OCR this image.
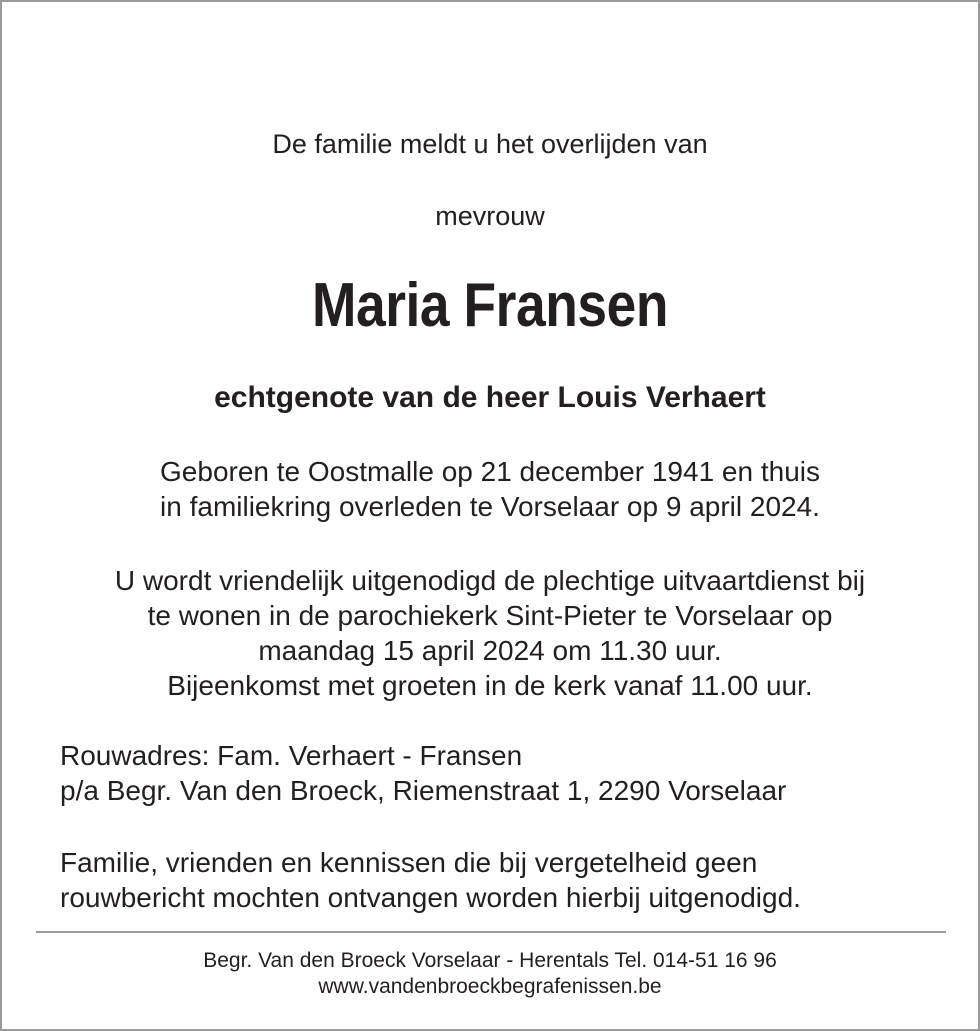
De familie meldt u het overlijden van
mevrouw
Maria Fransen
echtgenote van de heer Louis Verhaert
Geboren te Oostmalle op 21 december 1941 en thuis
in familiekring overleden te Vorselaar op 9 april 2024.
U wordt vriendelijk uitgenodigd de plechtige uitvaartdienst bij
te wonen in de parochiekerk Sint-Pieter te Vorselaar op
maandag 15 april 2024 om 11.30 uur.
Bijeenkomst met groeten in de kerk vanaf 11.00 uur.
Rouwadres: Fam. Verhaert - Fransen
p/a Begr. Van den Broeck, Riemenstraat 1, 2290 Vorselaar
Familie, vrienden en kennissen die bij vergetelheid geen
rouwbericht mochten ontvangen worden hierbij uitgenodigd.
Begr. Van den Broeck Vorselaar - Herentals Tel. 014-51 16 96
www.vandenbroeckbegrafenissen.be
